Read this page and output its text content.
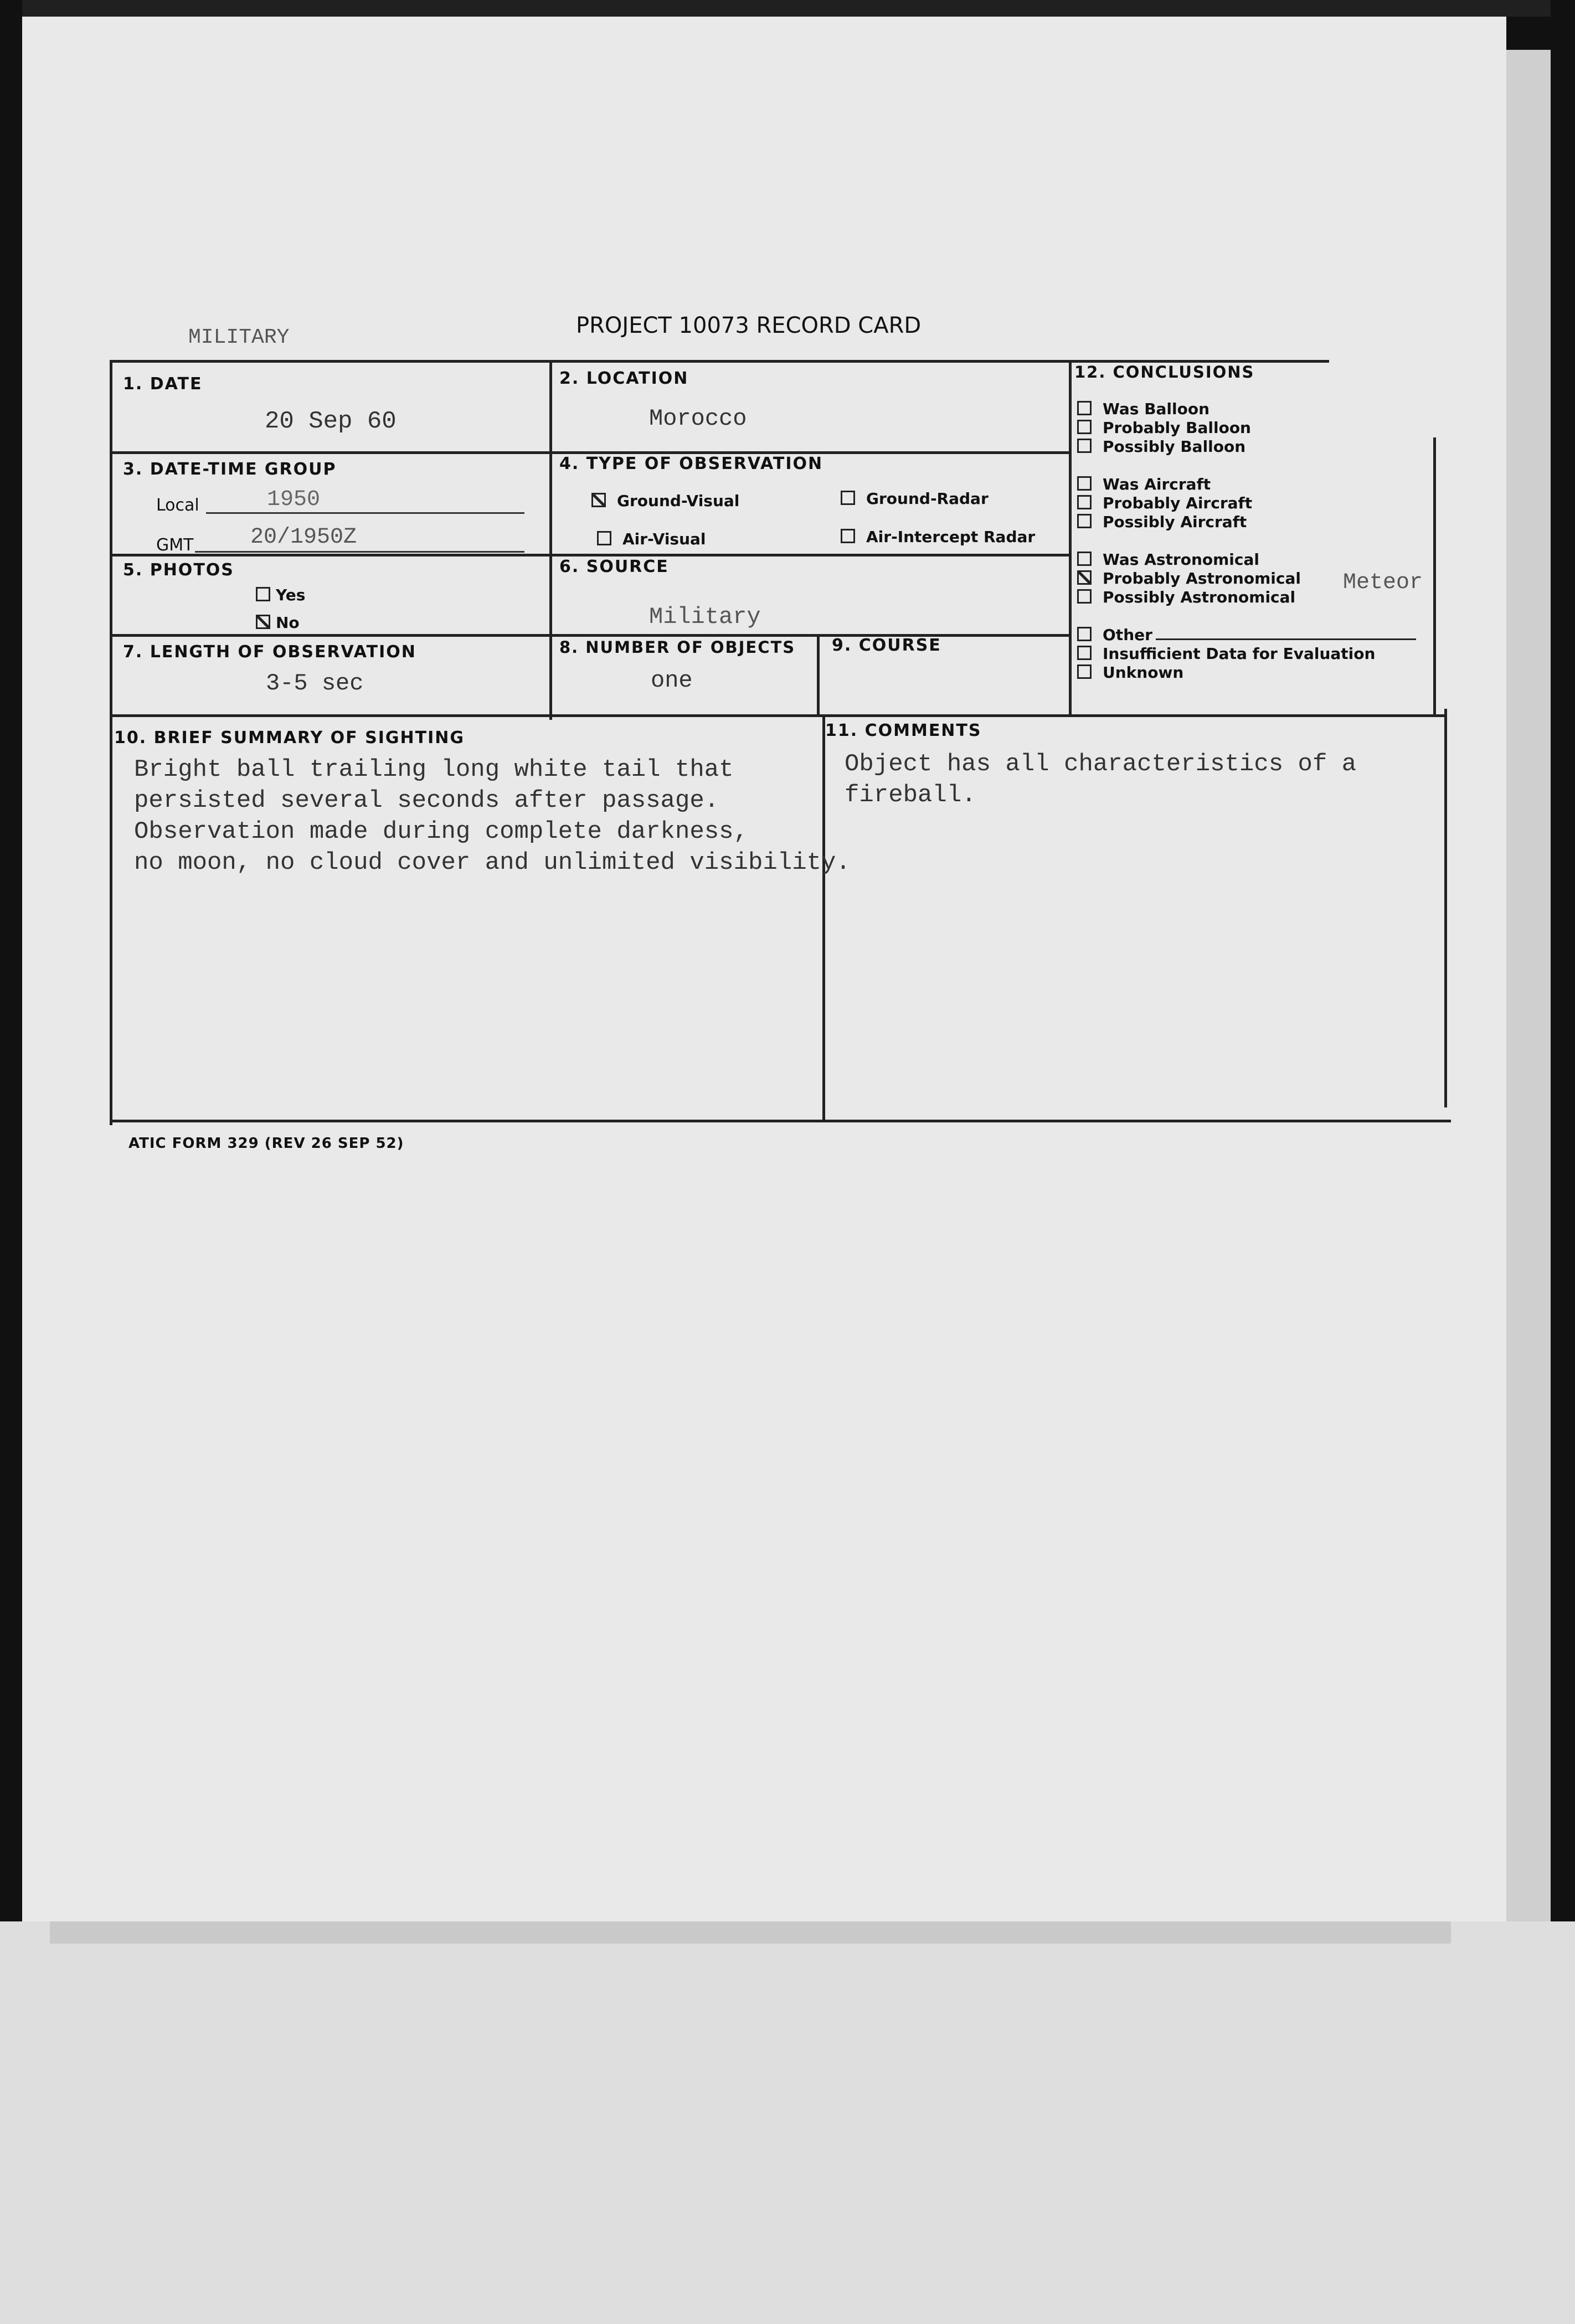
MILITARY	PROJECT 10073 RECORD CARD
1. DATE
20 Sep 60
2. LOCATION
Morocco
3. DATE-TIME GROUP
Local	1950
GMT	20/1950Z
4. TYPE OF OBSERVATION
Ground-Visual	Ground-Radar
Air-Visual	Air-Intercept Radar
5. PHOTOS
Yes
No
6. SOURCE
Military
7. LENGTH OF OBSERVATION
3-5 sec
8. NUMBER OF OBJECTS
one
9. COURSE
10. BRIEF SUMMARY OF SIGHTING
Bright ball trailing long white tail that
persisted several seconds after passage.
Observation made during complete darkness,
no moon, no cloud cover and unlimited visibility.
11. COMMENTS
Object has all characteristics of a
fireball.
12. CONCLUSIONS
Was Balloon
Probably Balloon
Possibly Balloon
Was Aircraft
Probably Aircraft
Possibly Aircraft
Was Astronomical
Probably Astronomical
Possibly Astronomical
Other
Insufficient Data for Evaluation
Unknown
Meteor
ATIC FORM 329 (REV 26 SEP 52)
